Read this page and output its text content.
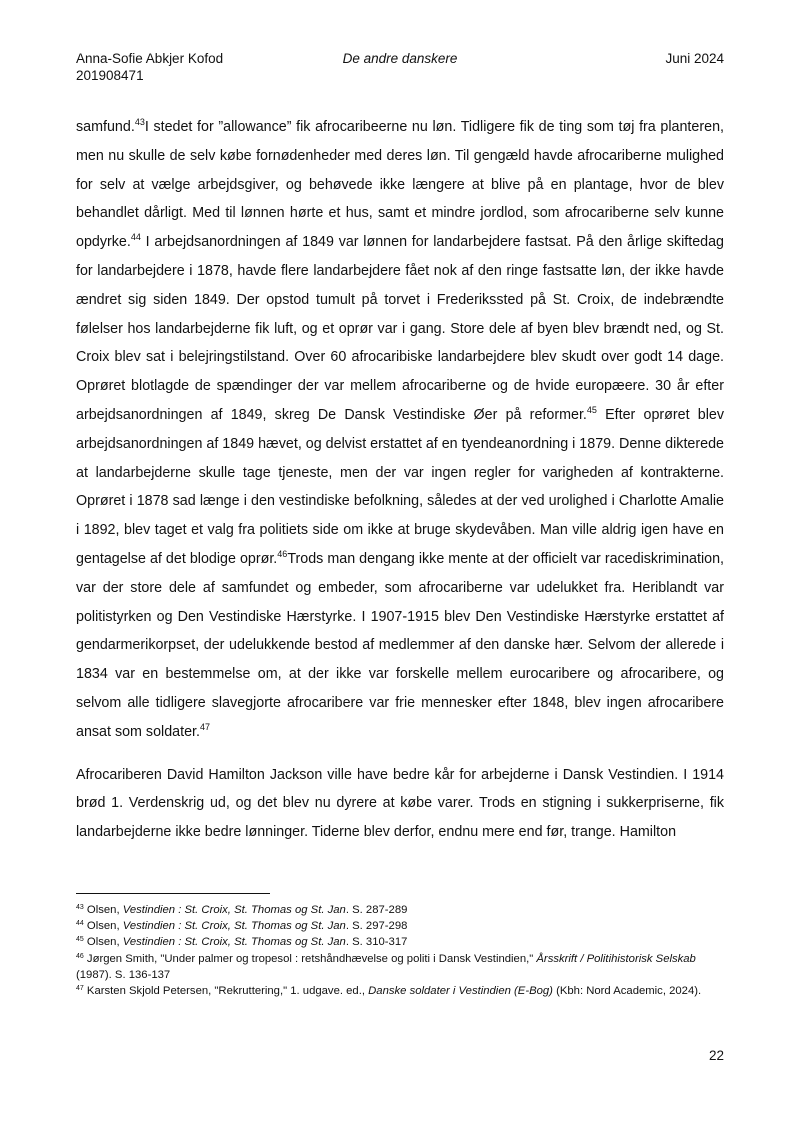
Anna-Sofie Abkjer Kofod
201908471
De andre danskere	Juni 2024

samfund.$^{43}$I stedet for ”allowance” fik afrocaribeerne nu løn. Tidligere fik de ting som tøj fra planteren, men nu skulle de selv købe fornødenheder med deres løn. Til gengæld havde afrocariberne mulighed for selv at vælge arbejdsgiver, og behøvede ikke længere at blive på en plantage, hvor de blev behandlet dårligt. Med til lønnen hørte et hus, samt et mindre jordlod, som afrocariberne selv kunne opdyrke.$^{44}$ I arbejdsanordningen af 1849 var lønnen for landarbejdere fastsat. På den årlige skiftedag for landarbejdere i 1878, havde flere landarbejdere fået nok af den ringe fastsatte løn, der ikke havde ændret sig siden 1849. Der opstod tumult på torvet i Frederikssted på St. Croix, de indebrændte følelser hos landarbejderne fik luft, og et oprør var i gang. Store dele af byen blev brændt ned, og St. Croix blev sat i belejringstilstand. Over 60 afrocaribiske landarbejdere blev skudt over godt 14 dage. Oprøret blotlagde de spændinger der var mellem afrocariberne og de hvide europæere. 30 år efter arbejdsanordningen af 1849, skreg De Dansk Vestindiske Øer på reformer.$^{45}$ Efter oprøret blev arbejdsanordningen af 1849 hævet, og delvist erstattet af en tyendeanordning i 1879. Denne dikterede at landarbejderne skulle tage tjeneste, men der var ingen regler for varigheden af kontrakterne. Oprøret i 1878 sad længe i den vestindiske befolkning, således at der ved urolighed i Charlotte Amalie i 1892, blev taget et valg fra politiets side om ikke at bruge skydevåben. Man ville aldrig igen have en gentagelse af det blodige oprør.$^{46}$Trods man dengang ikke mente at der officielt var racediskrimination, var der store dele af samfundet og embeder, som afrocariberne var udelukket fra. Heriblandt var politistyrken og Den Vestindiske Hærstyrke. I 1907-1915 blev Den Vestindiske Hærstyrke erstattet af gendarmerikorpset, der udelukkende bestod af medlemmer af den danske hær. Selvom der allerede i 1834 var en bestemmelse om, at der ikke var forskelle mellem eurocaribere og afrocaribere, og selvom alle tidligere slavegjorte afrocaribere var frie mennesker efter 1848, blev ingen afrocaribere ansat som soldater.$^{47}$

Afrocariberen David Hamilton Jackson ville have bedre kår for arbejderne i Dansk Vestindien. I 1914 brød 1. Verdenskrig ud, og det blev nu dyrere at købe varer. Trods en stigning i sukkerpriserne, fik landarbejderne ikke bedre lønninger. Tiderne blev derfor, endnu mere end før, trange. Hamilton

$^{43}$ Olsen, Vestindien : St. Croix, St. Thomas og St. Jan. S. 287-289

$^{44}$ Olsen, Vestindien : St. Croix, St. Thomas og St. Jan. S. 297-298

$^{45}$ Olsen, Vestindien : St. Croix, St. Thomas og St. Jan. S. 310-317

$^{46}$ Jørgen Smith, "Under palmer og tropesol : retshåndhævelse og politi i Dansk Vestindien," Årsskrift / Politihistorisk Selskab (1987). S. 136-137

$^{47}$ Karsten Skjold Petersen, "Rekruttering," 1. udgave. ed., Danske soldater i Vestindien (E-Bog) (Kbh: Nord Academic, 2024).

22
